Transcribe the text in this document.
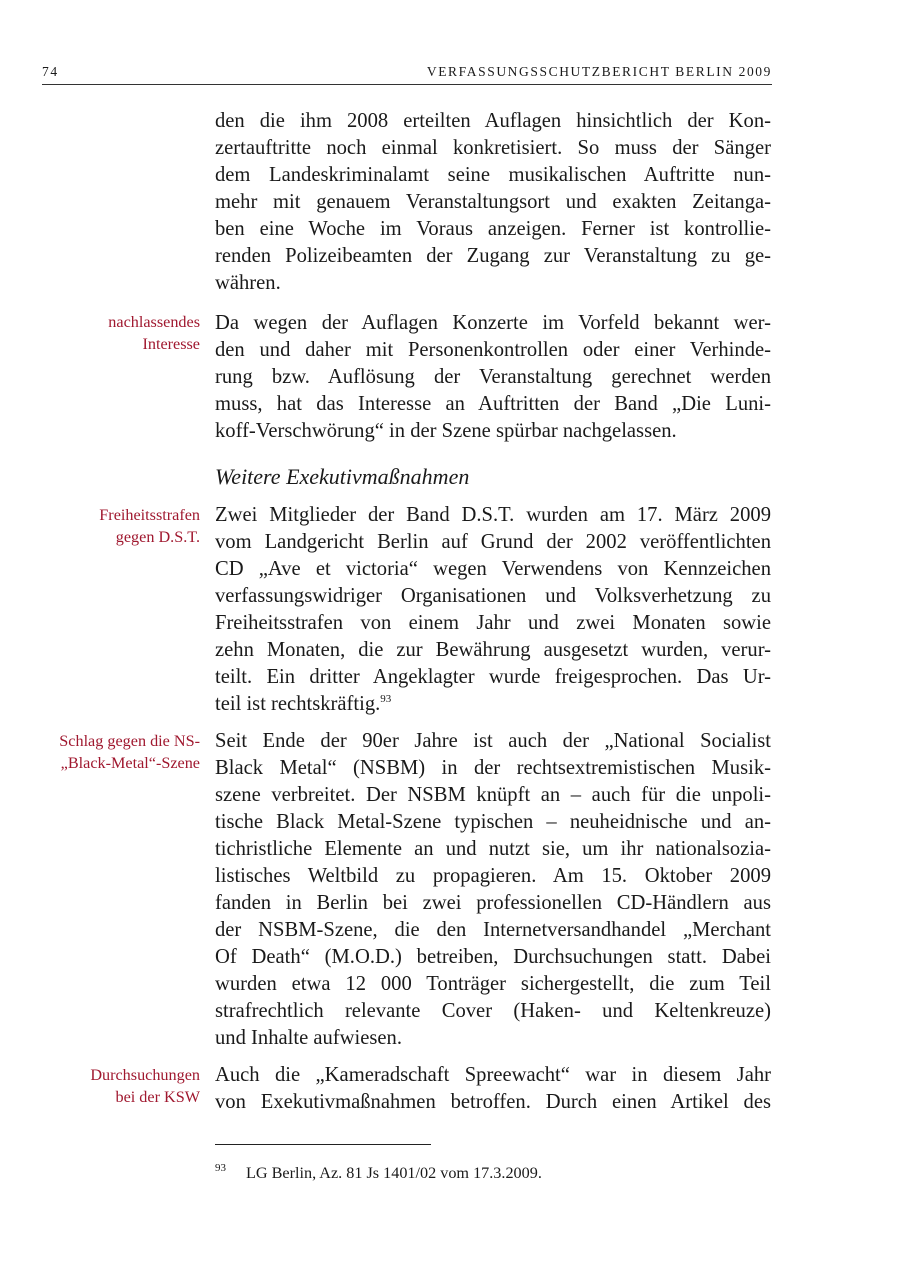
74	VERFASSUNGSSCHUTZBERICHT BERLIN 2009
den die ihm 2008 erteilten Auflagen hinsichtlich der Kon-
zertauftritte noch einmal konkretisiert. So muss der Sänger
dem Landeskriminalamt seine musikalischen Auftritte nun-
mehr mit genauem Veranstaltungsort und exakten Zeitanga-
ben eine Woche im Voraus anzeigen. Ferner ist kontrollie-
renden Polizeibeamten der Zugang zur Veranstaltung zu ge-
währen.
nachlassendes
Interesse
Da wegen der Auflagen Konzerte im Vorfeld bekannt wer-
den und daher mit Personenkontrollen oder einer Verhinde-
rung bzw. Auflösung der Veranstaltung gerechnet werden
muss, hat das Interesse an Auftritten der Band „Die Luni-
koff-Verschwörung“ in der Szene spürbar nachgelassen.
Weitere Exekutivmaßnahmen
Freiheitsstrafen
gegen D.S.T.
Zwei Mitglieder der Band D.S.T. wurden am 17. März 2009
vom Landgericht Berlin auf Grund der 2002 veröffentlichten
CD „Ave et victoria“ wegen Verwendens von Kennzeichen
verfassungswidriger Organisationen und Volksverhetzung zu
Freiheitsstrafen von einem Jahr und zwei Monaten sowie
zehn Monaten, die zur Bewährung ausgesetzt wurden, verur-
teilt. Ein dritter Angeklagter wurde freigesprochen. Das Ur-
teil ist rechtskräftig.$^{93}$
Schlag gegen die NS-
„Black-Metal“-Szene
Seit Ende der 90er Jahre ist auch der „National Socialist
Black Metal“ (NSBM) in der rechtsextremistischen Musik-
szene verbreitet. Der NSBM knüpft an – auch für die unpoli-
tische Black Metal-Szene typischen – neuheidnische und an-
tichristliche Elemente an und nutzt sie, um ihr nationalsozia-
listisches Weltbild zu propagieren. Am 15. Oktober 2009
fanden in Berlin bei zwei professionellen CD-Händlern aus
der NSBM-Szene, die den Internetversandhandel „Merchant
Of Death“ (M.O.D.) betreiben, Durchsuchungen statt. Dabei
wurden etwa 12 000 Tonträger sichergestellt, die zum Teil
strafrechtlich relevante Cover (Haken- und Keltenkreuze)
und Inhalte aufwiesen.
Durchsuchungen
bei der KSW
Auch die „Kameradschaft Spreewacht“ war in diesem Jahr
von Exekutivmaßnahmen betroffen. Durch einen Artikel des
$^{93}$ LG Berlin, Az. 81 Js 1401/02 vom 17.3.2009.
